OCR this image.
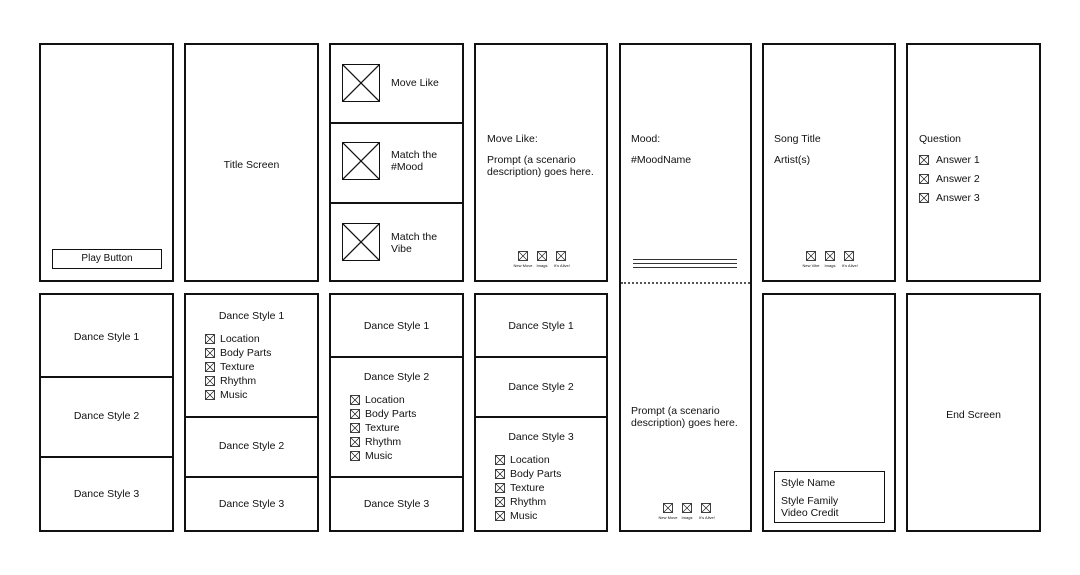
Play Button
Title Screen
Move Like
Match the
#Mood
Match the
Vibe
Move Like:
Prompt (a scenario
description) goes here.
New Move	Imags	It's Alive!
Mood:
#MoodName
Prompt (a scenario
description) goes here.
New Move	Imags	It's Alive!
Song Title
Artist(s)
New Vibe	Imags	It's Alive!
Question
Answer 1
Answer 2
Answer 3
Dance Style 1
Dance Style 2
Dance Style 3
Dance Style 1
Location
Body Parts
Texture
Rhythm
Music
Dance Style 2
Dance Style 3
Dance Style 1
Dance Style 2
Location
Body Parts
Texture
Rhythm
Music
Dance Style 3
Dance Style 1
Dance Style 2
Dance Style 3
Location
Body Parts
Texture
Rhythm
Music
Style Name
Style Family
Video Credit
End Screen
